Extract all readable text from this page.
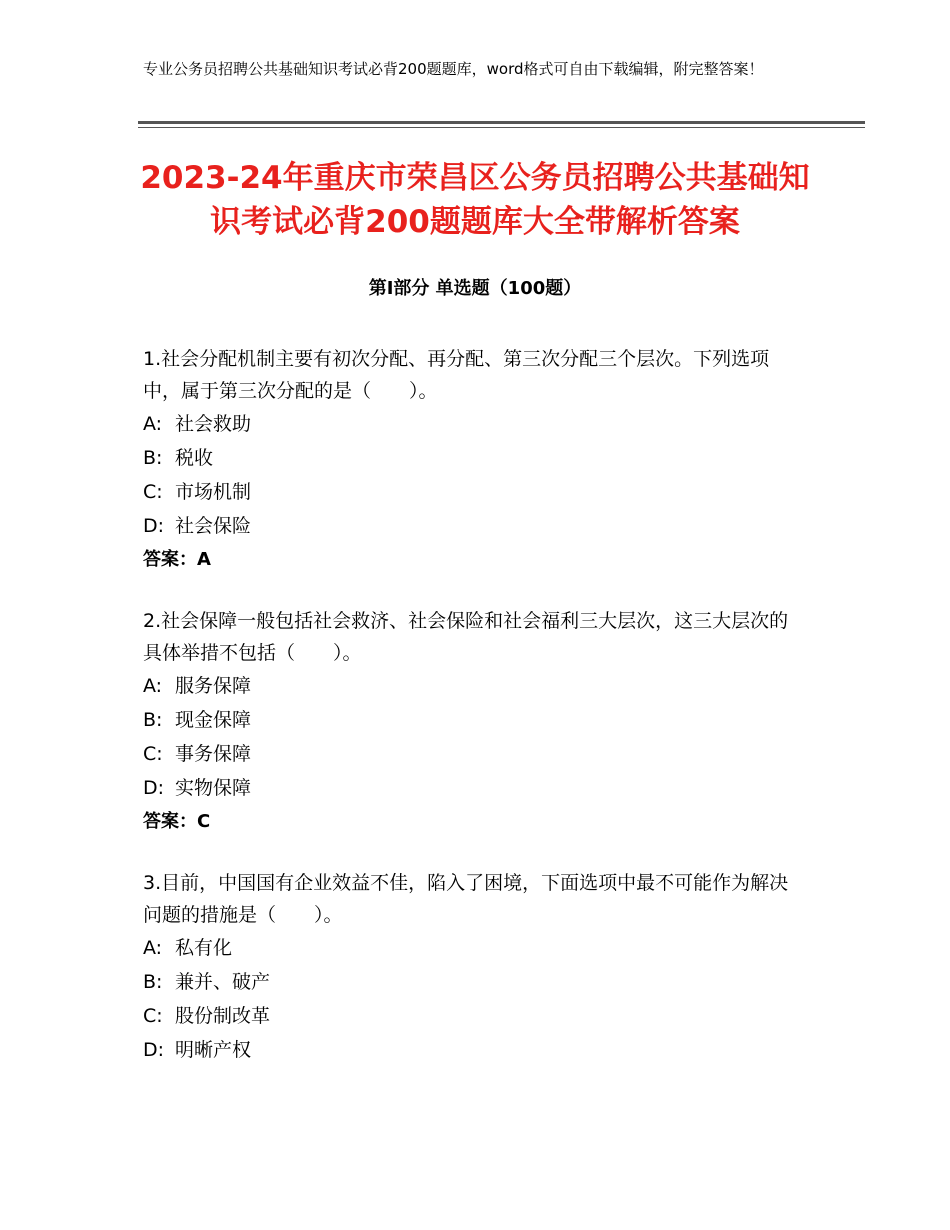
专业公务员招聘公共基础知识考试必背200题题库，word格式可自由下载编辑，附完整答案！
2023-24年重庆市荣昌区公务员招聘公共基础知识考试必背200题题库大全带解析答案
第Ⅰ部分 单选题（100题）

1.社会分配机制主要有初次分配、再分配、第三次分配三个层次。下列选项中，属于第三次分配的是（　　）。

A: 社会救助

B: 税收

C: 市场机制

D: 社会保险

答案：A

2.社会保障一般包括社会救济、社会保险和社会福利三大层次，这三大层次的具体举措不包括（　　）。

A: 服务保障

B: 现金保障

C: 事务保障

D: 实物保障

答案：C

3.目前，中国国有企业效益不佳，陷入了困境，下面选项中最不可能作为解决问题的措施是（　　）。

A: 私有化

B: 兼并、破产

C: 股份制改革

D: 明晰产权
